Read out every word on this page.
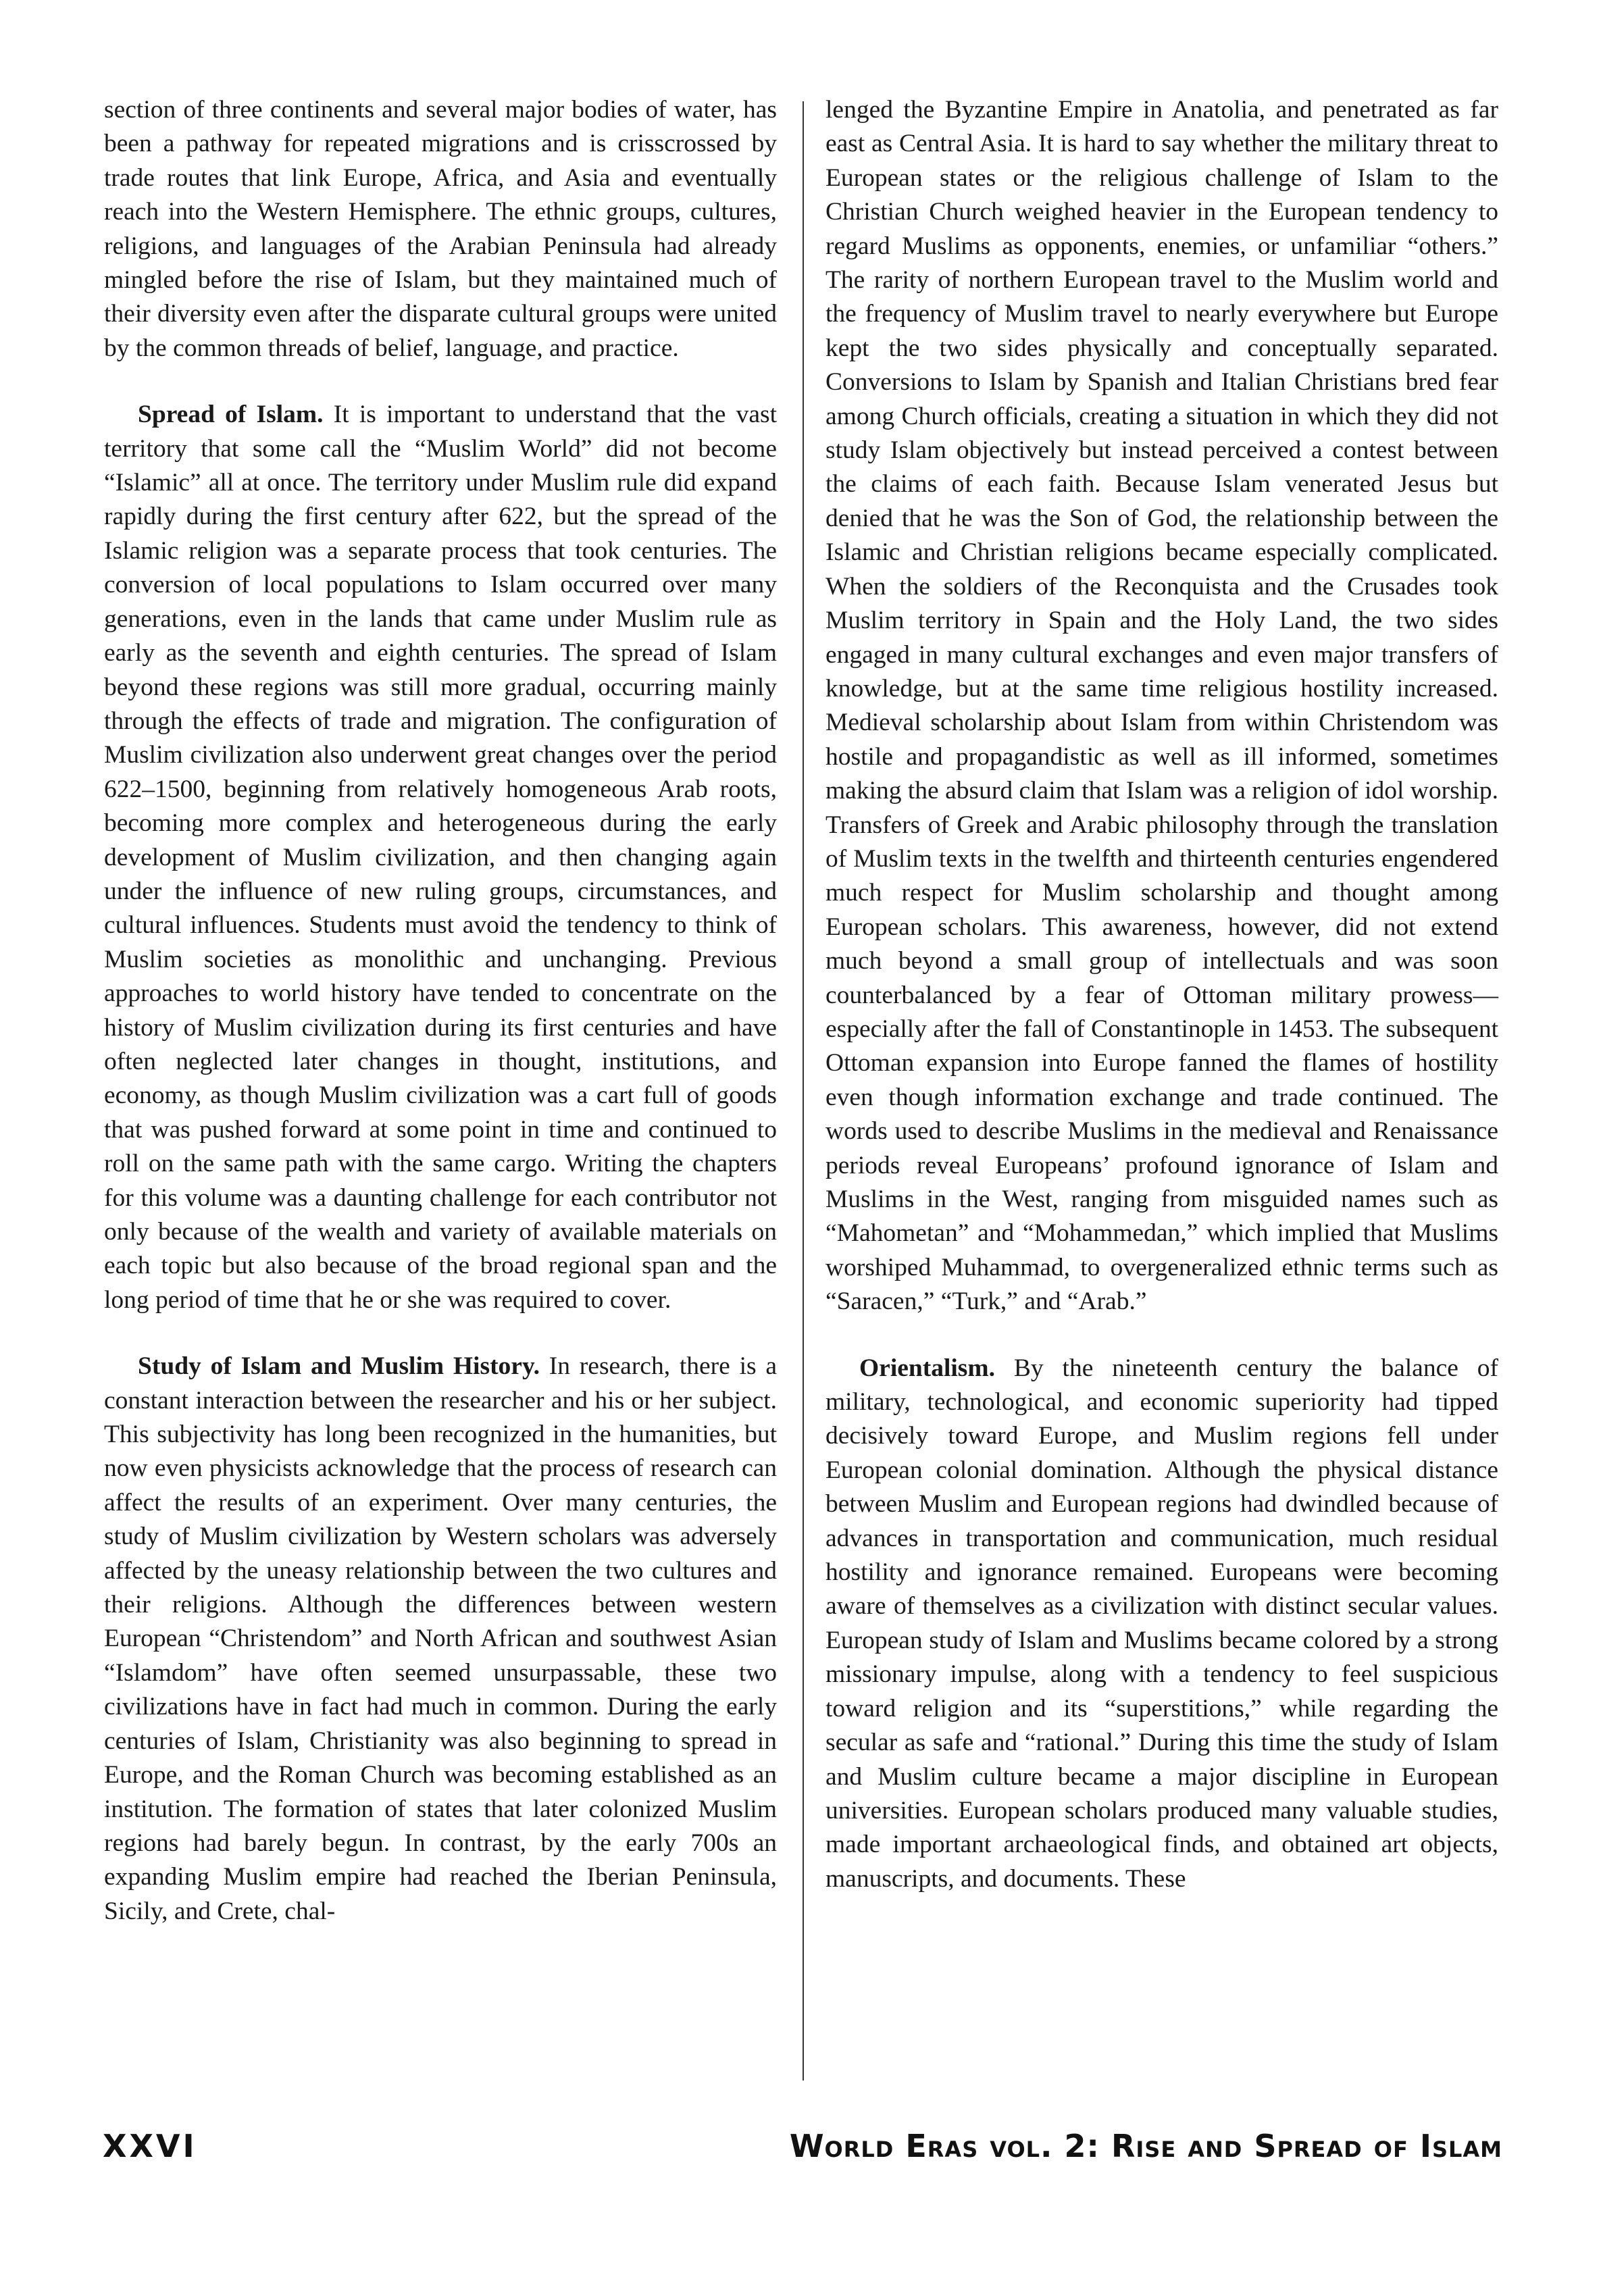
section of three continents and several major bodies of water, has been a pathway for repeated migrations and is crisscrossed by trade routes that link Europe, Africa, and Asia and eventually reach into the Western Hemisphere. The ethnic groups, cultures, religions, and languages of the Arabian Peninsula had already mingled before the rise of Islam, but they maintained much of their diversity even after the disparate cultural groups were united by the common threads of belief, language, and practice.

Spread of Islam. It is important to understand that the vast territory that some call the “Muslim World” did not become “Islamic” all at once. The territory under Muslim rule did expand rapidly during the first century after 622, but the spread of the Islamic religion was a separate process that took centuries. The conversion of local populations to Islam occurred over many generations, even in the lands that came under Muslim rule as early as the seventh and eighth centuries. The spread of Islam beyond these regions was still more gradual, occurring mainly through the effects of trade and migration. The configuration of Muslim civilization also underwent great changes over the period 622–1500, beginning from relatively homogeneous Arab roots, becoming more complex and heterogeneous during the early development of Muslim civilization, and then changing again under the influence of new ruling groups, circumstances, and cultural influences. Students must avoid the tendency to think of Muslim societies as monolithic and unchanging. Previous approaches to world history have tended to concentrate on the history of Muslim civilization during its first centuries and have often neglected later changes in thought, institutions, and economy, as though Muslim civilization was a cart full of goods that was pushed forward at some point in time and continued to roll on the same path with the same cargo. Writing the chapters for this volume was a daunting challenge for each contributor not only because of the wealth and variety of available materials on each topic but also because of the broad regional span and the long period of time that he or she was required to cover.

Study of Islam and Muslim History. In research, there is a constant interaction between the researcher and his or her subject. This subjectivity has long been recognized in the humanities, but now even physicists acknowledge that the process of research can affect the results of an experiment. Over many centuries, the study of Muslim civilization by Western scholars was adversely affected by the uneasy relationship between the two cultures and their religions. Although the differences between western European “Christendom” and North African and southwest Asian “Islamdom” have often seemed unsurpassable, these two civilizations have in fact had much in common. During the early centuries of Islam, Christianity was also beginning to spread in Europe, and the Roman Church was becoming established as an institution. The formation of states that later colonized Muslim regions had barely begun. In contrast, by the early 700s an expanding Muslim empire had reached the Iberian Peninsula, Sicily, and Crete, chal-

lenged the Byzantine Empire in Anatolia, and penetrated as far east as Central Asia. It is hard to say whether the military threat to European states or the religious challenge of Islam to the Christian Church weighed heavier in the European tendency to regard Muslims as opponents, enemies, or unfamiliar “others.” The rarity of northern European travel to the Muslim world and the frequency of Muslim travel to nearly everywhere but Europe kept the two sides physically and conceptually separated. Conversions to Islam by Spanish and Italian Christians bred fear among Church officials, creating a situation in which they did not study Islam objectively but instead perceived a contest between the claims of each faith. Because Islam venerated Jesus but denied that he was the Son of God, the relationship between the Islamic and Christian religions became especially complicated. When the soldiers of the Reconquista and the Crusades took Muslim territory in Spain and the Holy Land, the two sides engaged in many cultural exchanges and even major transfers of knowledge, but at the same time religious hostility increased. Medieval scholarship about Islam from within Christendom was hostile and propagandistic as well as ill informed, sometimes making the absurd claim that Islam was a religion of idol worship. Transfers of Greek and Arabic philosophy through the translation of Muslim texts in the twelfth and thirteenth centuries engendered much respect for Muslim scholarship and thought among European scholars. This awareness, however, did not extend much beyond a small group of intellectuals and was soon counterbalanced by a fear of Ottoman military prowess—especially after the fall of Constantinople in 1453. The subsequent Ottoman expansion into Europe fanned the flames of hostility even though information exchange and trade continued. The words used to describe Muslims in the medieval and Renaissance periods reveal Europeans’ profound ignorance of Islam and Muslims in the West, ranging from misguided names such as “Mahometan” and “Mohammedan,” which implied that Muslims worshiped Muhammad, to overgeneralized ethnic terms such as “Saracen,” “Turk,” and “Arab.”

Orientalism. By the nineteenth century the balance of military, technological, and economic superiority had tipped decisively toward Europe, and Muslim regions fell under European colonial domination. Although the physical distance between Muslim and European regions had dwindled because of advances in transportation and communication, much residual hostility and ignorance remained. Europeans were becoming aware of themselves as a civilization with distinct secular values. European study of Islam and Muslims became colored by a strong missionary impulse, along with a tendency to feel suspicious toward religion and its “superstitions,” while regarding the secular as safe and “rational.” During this time the study of Islam and Muslim culture became a major discipline in European universities. European scholars produced many valuable studies, made important archaeological finds, and obtained art objects, manuscripts, and documents. These

XXVI	World Eras vol. 2: Rise and Spread of Islam
